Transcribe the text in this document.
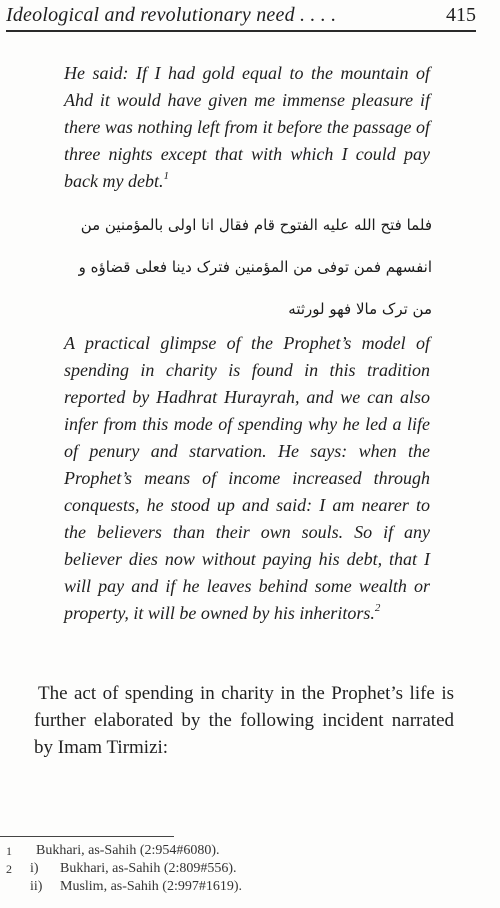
Ideological and revolutionary need . . . .	415
He said: If I had gold equal to the mountain of Ahd it would have given me immense pleasure if there was nothing left from it before the passage of three nights except that with which I could pay back my debt.$^1$
فلما فتح الله علیه الفتوح قام فقال انا اولی بالمؤمنین من
انفسهم فمن توفی من المؤمنین فترک دینا فعلی قضاؤه و
من ترک مالا فهو لورثته
A practical glimpse of the Prophet’s model of spending in charity is found in this tradition reported by Hadhrat Hurayrah, and we can also infer from this mode of spending why he led a life of penury and starvation. He says: when the Prophet’s means of income increased through conquests, he stood up and said: I am nearer to the believers than their own souls. So if any believer dies now without paying his debt, that I will pay and if he leaves behind some wealth or property, it will be owned by his inheritors.$^2$
The act of spending in charity in the Prophet’s life is further elaborated by the following incident narrated by Imam Tirmizi:
1 Bukhari, as-Sahih (2:954#6080).
2 i) Bukhari, as-Sahih (2:809#556).
ii) Muslim, as-Sahih (2:997#1619).
